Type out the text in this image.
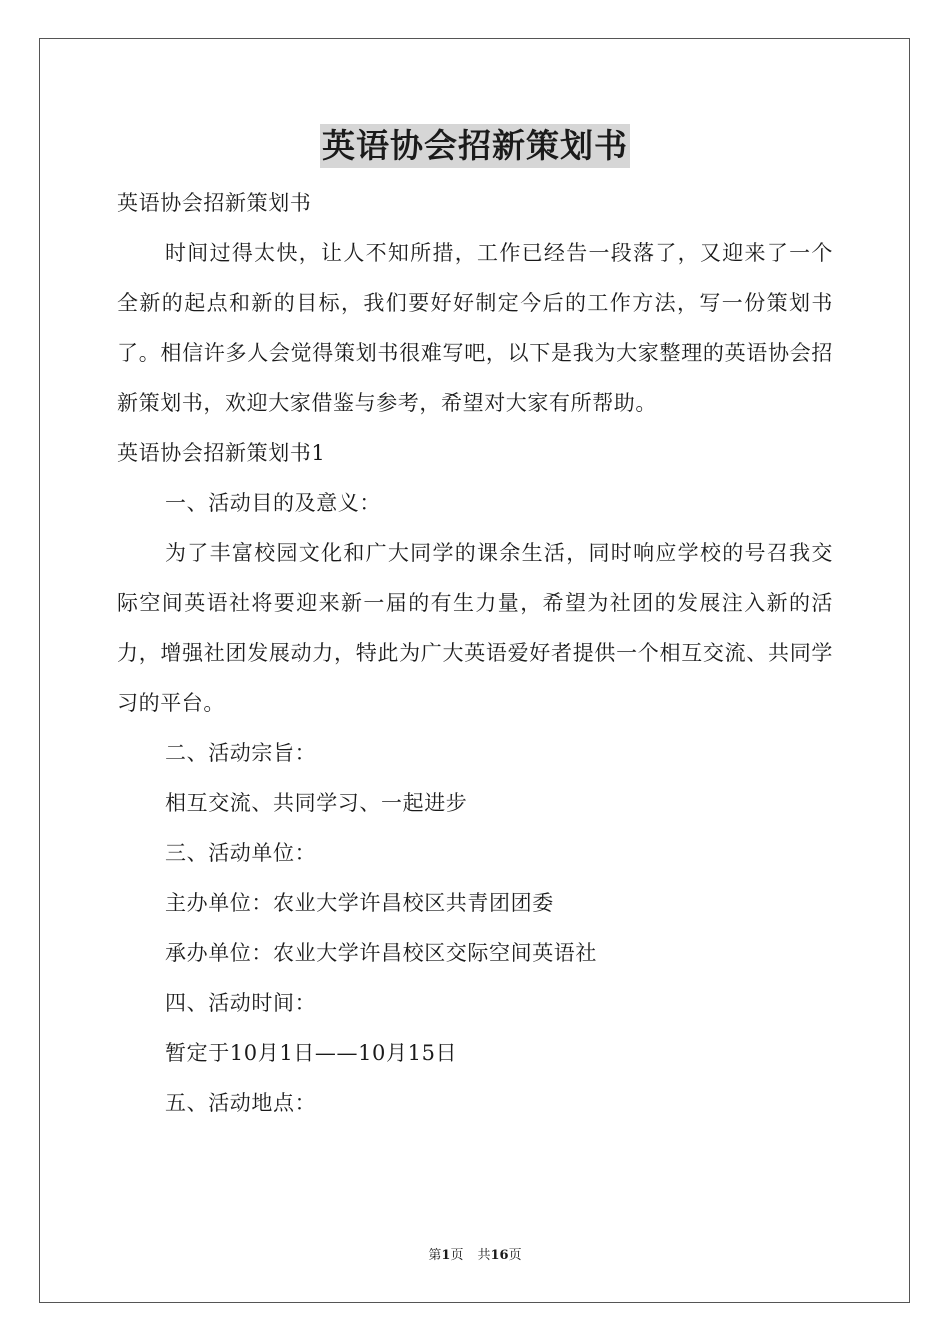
英语协会招新策划书

英语协会招新策划书

时间过得太快，让人不知所措，工作已经告一段落了，又迎来了一个全新的起点和新的目标，我们要好好制定今后的工作方法，写一份策划书了。相信许多人会觉得策划书很难写吧，以下是我为大家整理的英语协会招新策划书，欢迎大家借鉴与参考，希望对大家有所帮助。

英语协会招新策划书1

一、活动目的及意义：

为了丰富校园文化和广大同学的课余生活，同时响应学校的号召我交际空间英语社将要迎来新一届的有生力量，希望为社团的发展注入新的活力，增强社团发展动力，特此为广大英语爱好者提供一个相互交流、共同学习的平台。

二、活动宗旨：

相互交流、共同学习、一起进步

三、活动单位：

主办单位：农业大学许昌校区共青团团委

承办单位：农业大学许昌校区交际空间英语社

四、活动时间：

暂定于10月1日——10月15日

五、活动地点：

第1页 共16页
